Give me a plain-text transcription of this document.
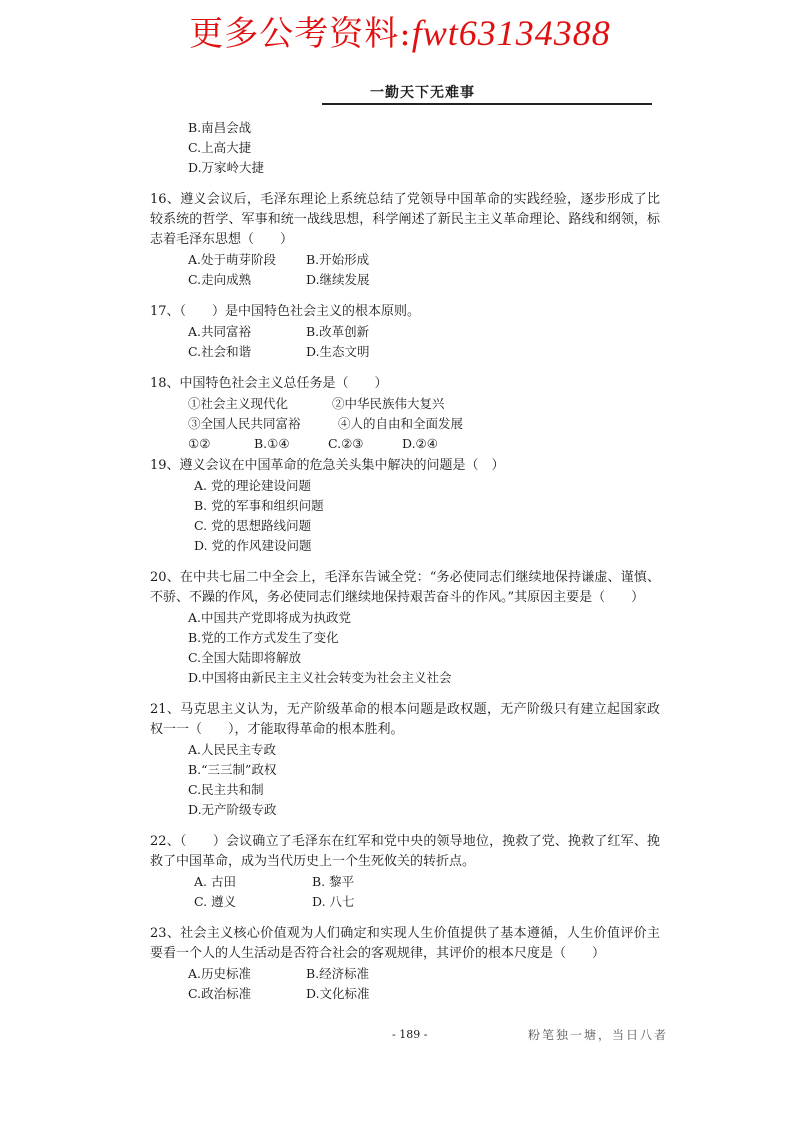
更多公考资料:fwt63134388
一勤天下无难事
B.南昌会战
C.上高大捷
D.万家岭大捷
16、遵义会议后，毛泽东理论上系统总结了党领导中国革命的实践经验，逐步形成了比较系统的哲学、军事和统一战线思想，科学阐述了新民主主义革命理论、路线和纲领，标志着毛泽东思想（　　）
A.处于萌芽阶段	B.开始形成
C.走向成熟	D.继续发展
17、（　　）是中国特色社会主义的根本原则。
A.共同富裕	B.改革创新
C.社会和谐	D.生态文明
18、中国特色社会主义总任务是（　　）
①社会主义现代化	②中华民族伟大复兴
③全国人民共同富裕	④人的自由和全面发展
①②	B.①④	C.②③	D.②④
19、遵义会议在中国革命的危急关头集中解决的问题是（　）
A. 党的理论建设问题
B. 党的军事和组织问题
C. 党的思想路线问题
D. 党的作风建设问题
20、在中共七届二中全会上，毛泽东告诫全党：“务必使同志们继续地保持谦虚、谨慎、不骄、不躁的作风，务必使同志们继续地保持艰苦奋斗的作风。”其原因主要是（　　）
A.中国共产党即将成为执政党
B.党的工作方式发生了变化
C.全国大陆即将解放
D.中国将由新民主主义社会转变为社会主义社会
21、马克思主义认为，无产阶级革命的根本问题是政权题，无产阶级只有建立起国家政权一一（　　），才能取得革命的根本胜利。
A.人民民主专政
B.“三三制”政权
C.民主共和制
D.无产阶级专政
22、（　　）会议确立了毛泽东在红军和党中央的领导地位，挽救了党、挽救了红军、挽救了中国革命，成为当代历史上一个生死攸关的转折点。
A. 古田	B. 黎平
C. 遵义	D. 八七
23、社会主义核心价值观为人们确定和实现人生价值提供了基本遵循，人生价值评价主要看一个人的人生活动是否符合社会的客观规律，其评价的根本尺度是（　　）
A.历史标准	B.经济标准
C.政治标准	D.文化标准
- 189 -	粉笔独一塘，当日八者
